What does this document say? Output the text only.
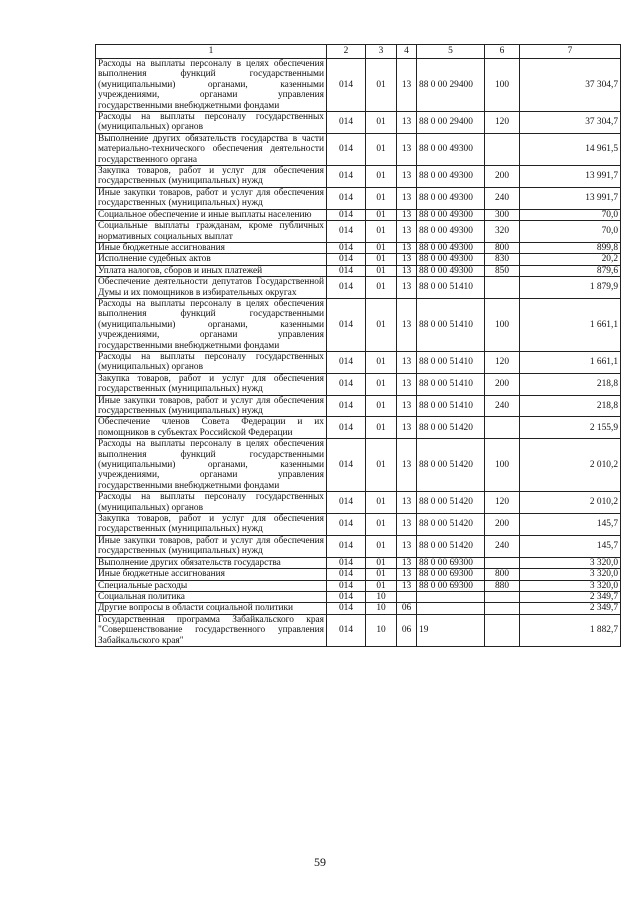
1	2	3	4	5	6	7
Расходы на выплаты персоналу в целях обеспечения выполнения функций государственными (муниципальными) органами, казенными учреждениями, органами управления государственными внебюджетными фондами	014	01	13	88 0 00 29400	100	37 304,7
Расходы на выплаты персоналу государственных (муниципальных) органов	014	01	13	88 0 00 29400	120	37 304,7
Выполнение других обязательств государства в части материально-технического обеспечения деятельности государственного органа	014	01	13	88 0 00 49300		14 961,5
Закупка товаров, работ и услуг для обеспечения государственных (муниципальных) нужд	014	01	13	88 0 00 49300	200	13 991,7
Иные закупки товаров, работ и услуг для обеспечения государственных (муниципальных) нужд	014	01	13	88 0 00 49300	240	13 991,7
Социальное обеспечение и иные выплаты населению	014	01	13	88 0 00 49300	300	70,0
Социальные выплаты гражданам, кроме публичных нормативных социальных выплат	014	01	13	88 0 00 49300	320	70,0
Иные бюджетные ассигнования	014	01	13	88 0 00 49300	800	899,8
Исполнение судебных актов	014	01	13	88 0 00 49300	830	20,2
Уплата налогов, сборов и иных платежей	014	01	13	88 0 00 49300	850	879,6
Обеспечение деятельности депутатов Государственной Думы и их помощников в избирательных округах	014	01	13	88 0 00 51410		1 879,9
Расходы на выплаты персоналу в целях обеспечения выполнения функций государственными (муниципальными) органами, казенными учреждениями, органами управления государственными внебюджетными фондами	014	01	13	88 0 00 51410	100	1 661,1
Расходы на выплаты персоналу государственных (муниципальных) органов	014	01	13	88 0 00 51410	120	1 661,1
Закупка товаров, работ и услуг для обеспечения государственных (муниципальных) нужд	014	01	13	88 0 00 51410	200	218,8
Иные закупки товаров, работ и услуг для обеспечения государственных (муниципальных) нужд	014	01	13	88 0 00 51410	240	218,8
Обеспечение членов Совета Федерации и их помощников в субъектах Российской Федерации	014	01	13	88 0 00 51420		2 155,9
Расходы на выплаты персоналу в целях обеспечения выполнения функций государственными (муниципальными) органами, казенными учреждениями, органами управления государственными внебюджетными фондами	014	01	13	88 0 00 51420	100	2 010,2
Расходы на выплаты персоналу государственных (муниципальных) органов	014	01	13	88 0 00 51420	120	2 010,2
Закупка товаров, работ и услуг для обеспечения государственных (муниципальных) нужд	014	01	13	88 0 00 51420	200	145,7
Иные закупки товаров, работ и услуг для обеспечения государственных (муниципальных) нужд	014	01	13	88 0 00 51420	240	145,7
Выполнение других обязательств государства	014	01	13	88 0 00 69300		3 320,0
Иные бюджетные ассигнования	014	01	13	88 0 00 69300	800	3 320,0
Специальные расходы	014	01	13	88 0 00 69300	880	3 320,0
Социальная политика	014	10				2 349,7
Другие вопросы в области социальной политики	014	10	06			2 349,7
Государственная программа Забайкальского края "Совершенствование государственного управления Забайкальского края"	014	10	06	19		1 882,7
59
